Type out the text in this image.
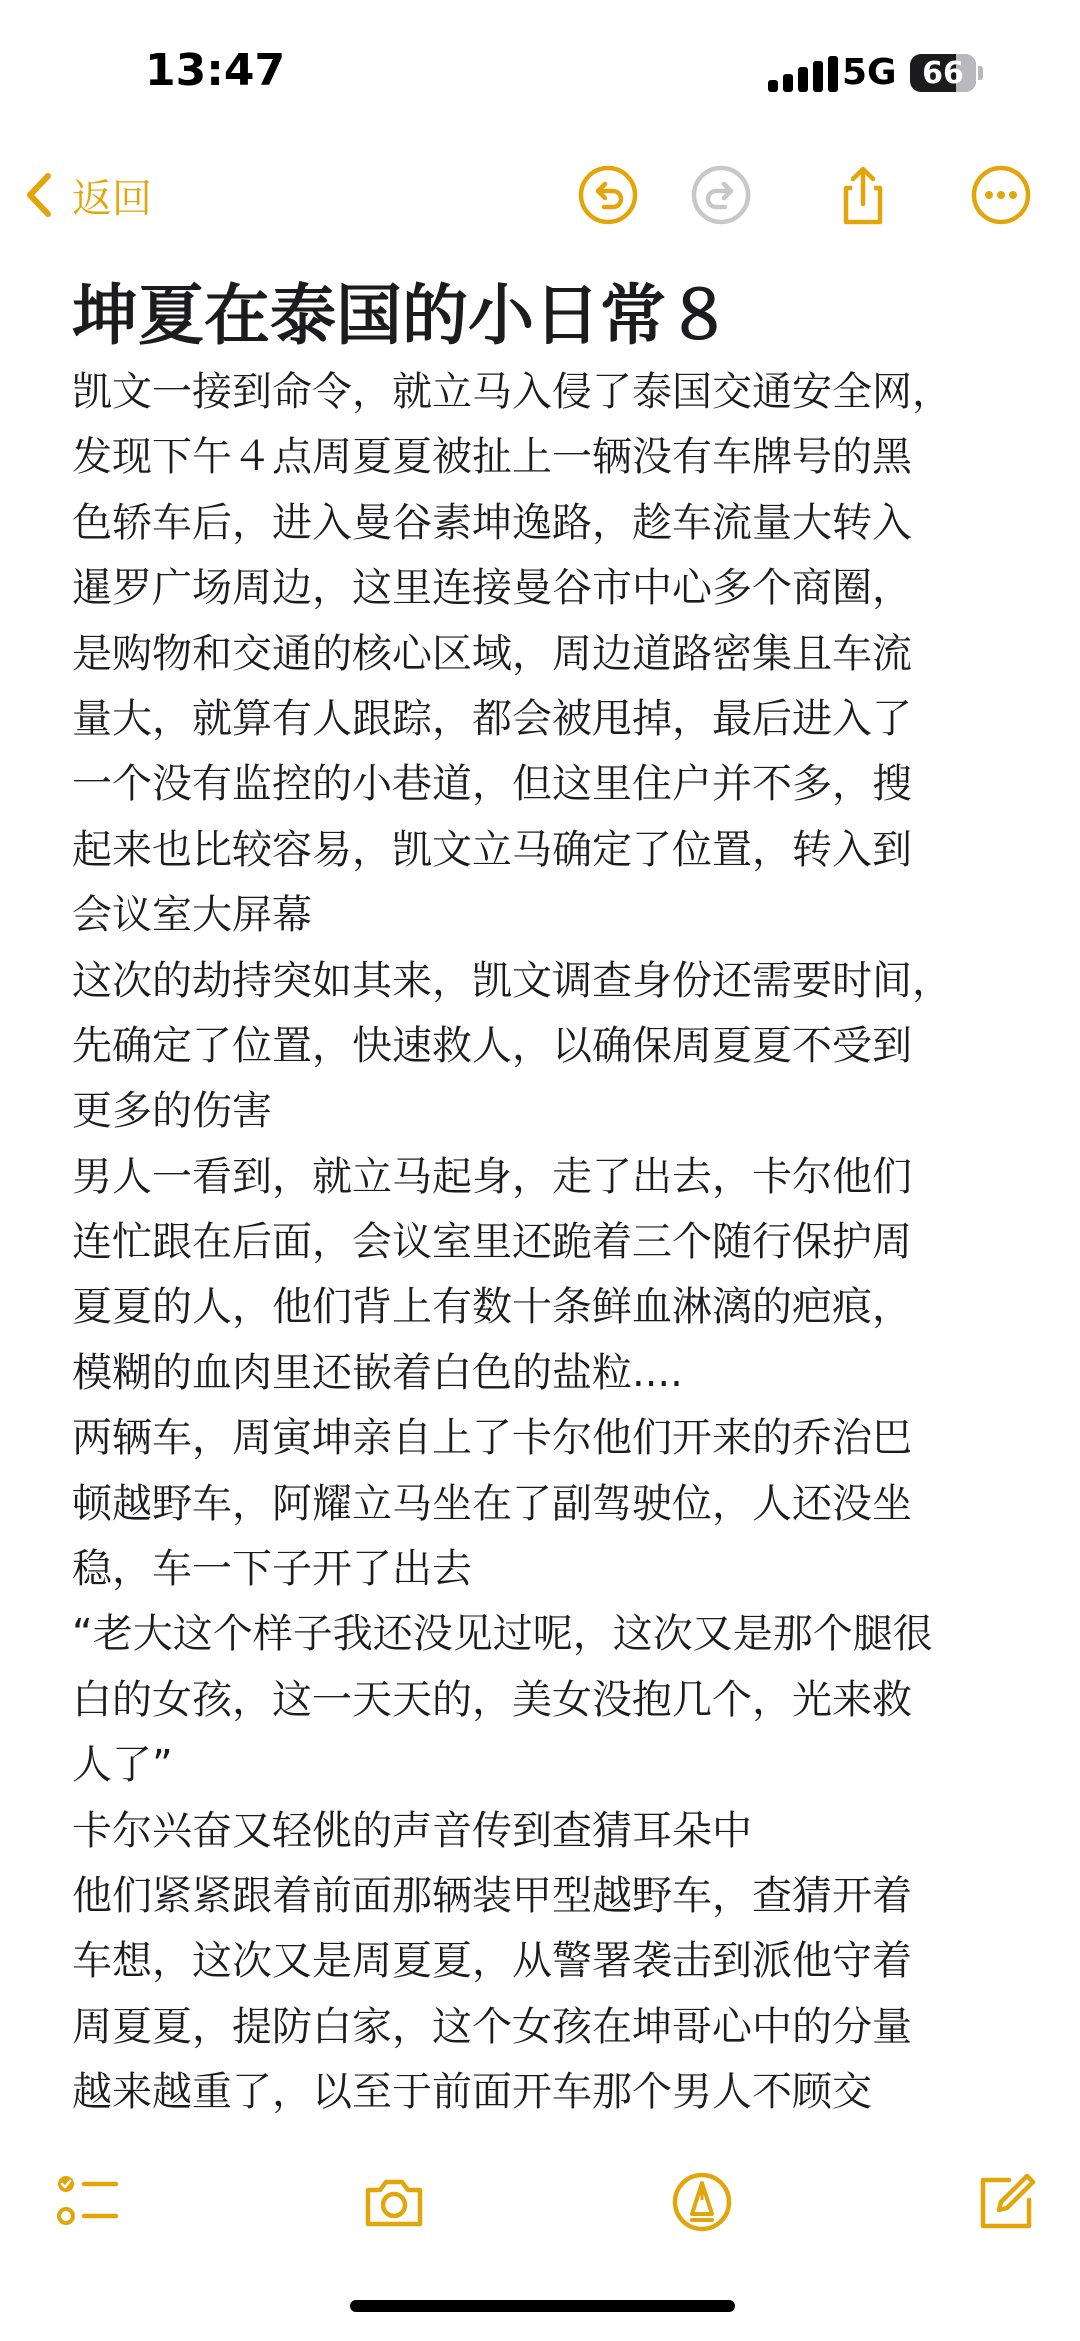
13:47	5G 66
返回
坤夏在泰国的小日常８
凯文一接到命令，就立马入侵了泰国交通安全网，
发现下午４点周夏夏被扯上一辆没有车牌号的黑
色轿车后，进入曼谷素坤逸路，趁车流量大转入
暹罗广场周边，这里连接曼谷市中心多个商圈，
是购物和交通的核心区域，周边道路密集且车流
量大，就算有人跟踪，都会被甩掉，最后进入了
一个没有监控的小巷道，但这里住户并不多，搜
起来也比较容易，凯文立马确定了位置，转入到
会议室大屏幕
这次的劫持突如其来，凯文调查身份还需要时间，
先确定了位置，快速救人，以确保周夏夏不受到
更多的伤害
男人一看到，就立马起身，走了出去，卡尔他们
连忙跟在后面，会议室里还跪着三个随行保护周
夏夏的人，他们背上有数十条鲜血淋漓的疤痕，
模糊的血肉里还嵌着白色的盐粒....
两辆车，周寅坤亲自上了卡尔他们开来的乔治巴
顿越野车，阿耀立马坐在了副驾驶位，人还没坐
稳，车一下子开了出去
“老大这个样子我还没见过呢，这次又是那个腿很
白的女孩，这一天天的，美女没抱几个，光来救
人了”
卡尔兴奋又轻佻的声音传到查猜耳朵中
他们紧紧跟着前面那辆装甲型越野车，查猜开着
车想，这次又是周夏夏，从警署袭击到派他守着
周夏夏，提防白家，这个女孩在坤哥心中的分量
越来越重了，以至于前面开车那个男人不顾交
